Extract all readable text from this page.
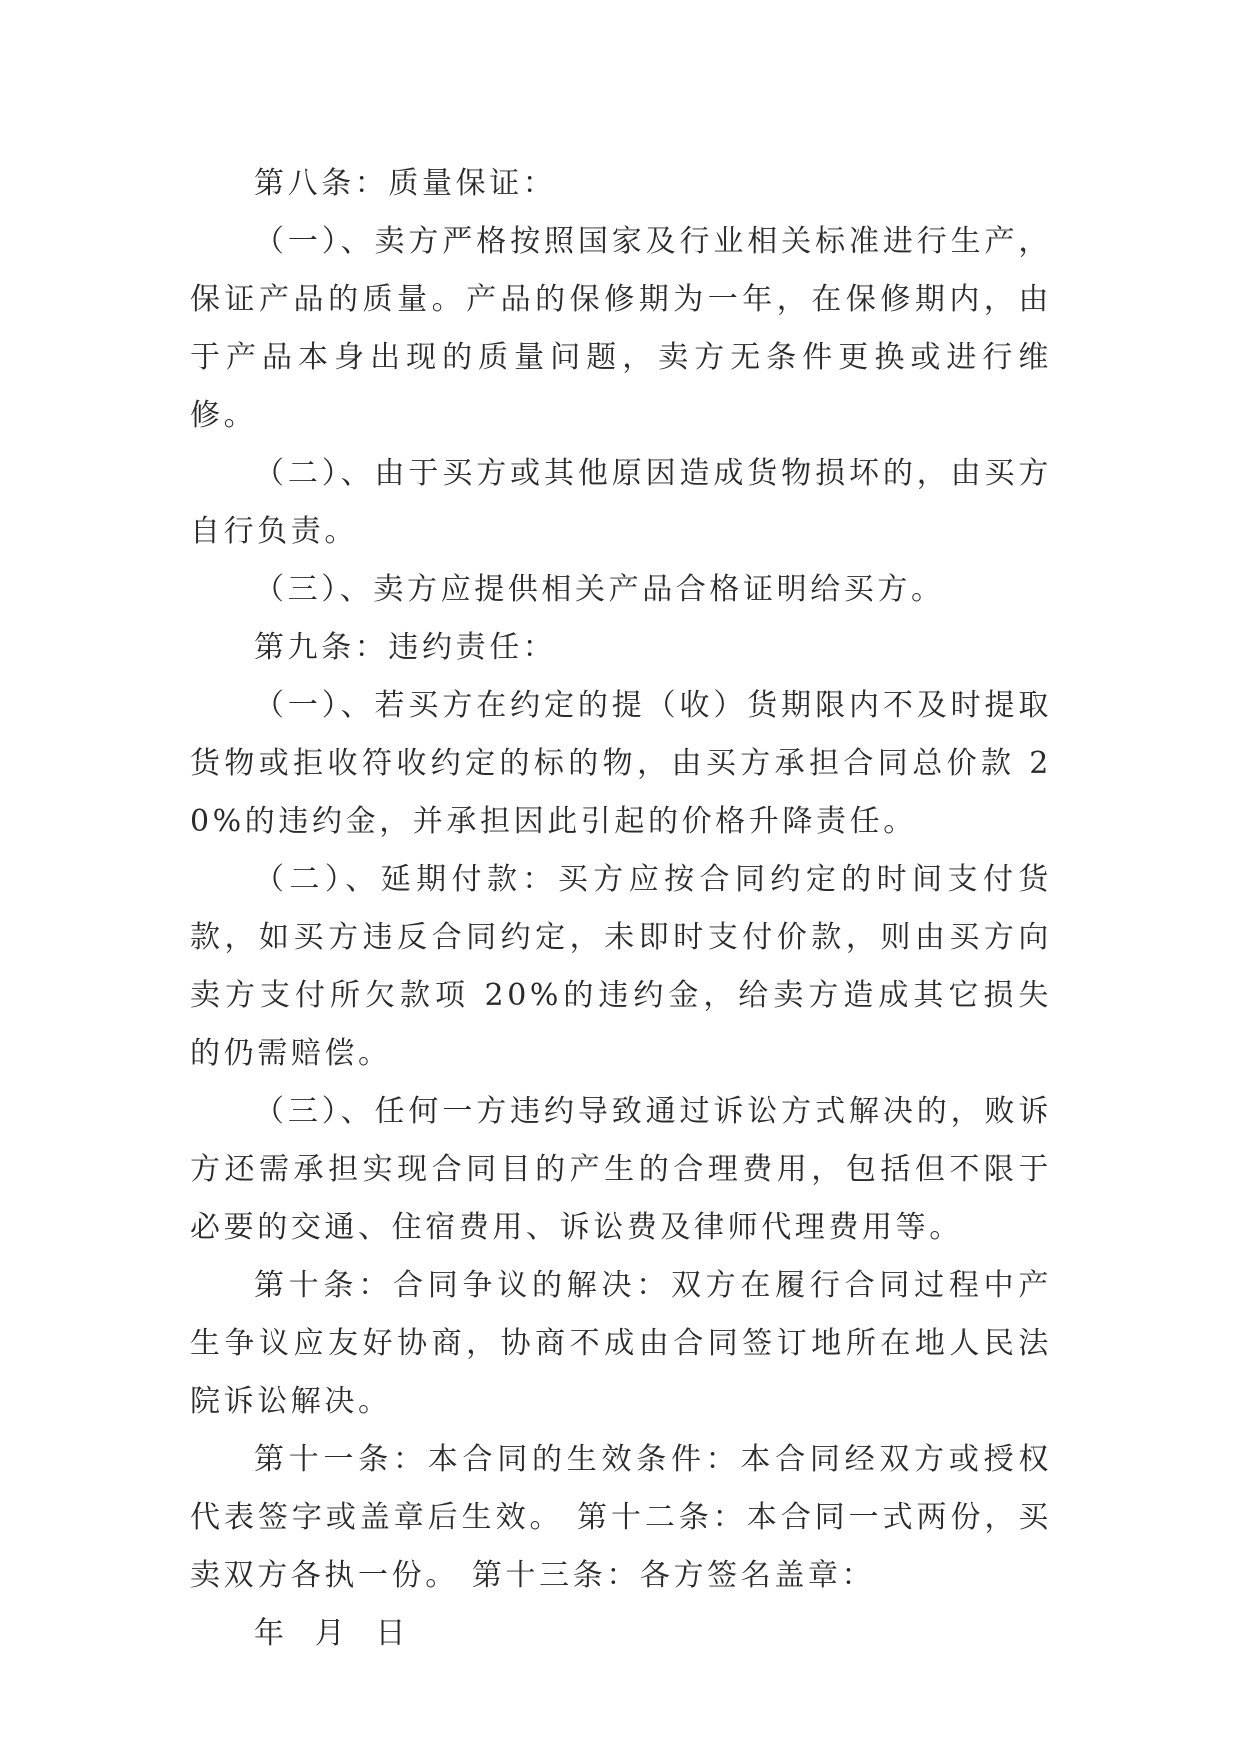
第八条：质量保证：

（一）、卖方严格按照国家及行业相关标准进行生产，保证产品的质量。产品的保修期为一年，在保修期内，由于产品本身出现的质量问题，卖方无条件更换或进行维修。

（二）、由于买方或其他原因造成货物损坏的，由买方自行负责。

（三）、卖方应提供相关产品合格证明给买方。

第九条：违约责任：

（一）、若买方在约定的提（收）货期限内不及时提取货物或拒收符收约定的标的物，由买方承担合同总价款 20%的违约金，并承担因此引起的价格升降责任。

（二）、延期付款：买方应按合同约定的时间支付货款，如买方违反合同约定，未即时支付价款，则由买方向卖方支付所欠款项 20%的违约金，给卖方造成其它损失的仍需赔偿。

（三）、任何一方违约导致通过诉讼方式解决的，败诉方还需承担实现合同目的产生的合理费用，包括但不限于必要的交通、住宿费用、诉讼费及律师代理费用等。

第十条：合同争议的解决：双方在履行合同过程中产生争议应友好协商，协商不成由合同签订地所在地人民法院诉讼解决。

第十一条：本合同的生效条件：本合同经双方或授权代表签字或盖章后生效。 第十二条：本合同一式两份，买卖双方各执一份。 第十三条：各方签名盖章：

年 月 日
